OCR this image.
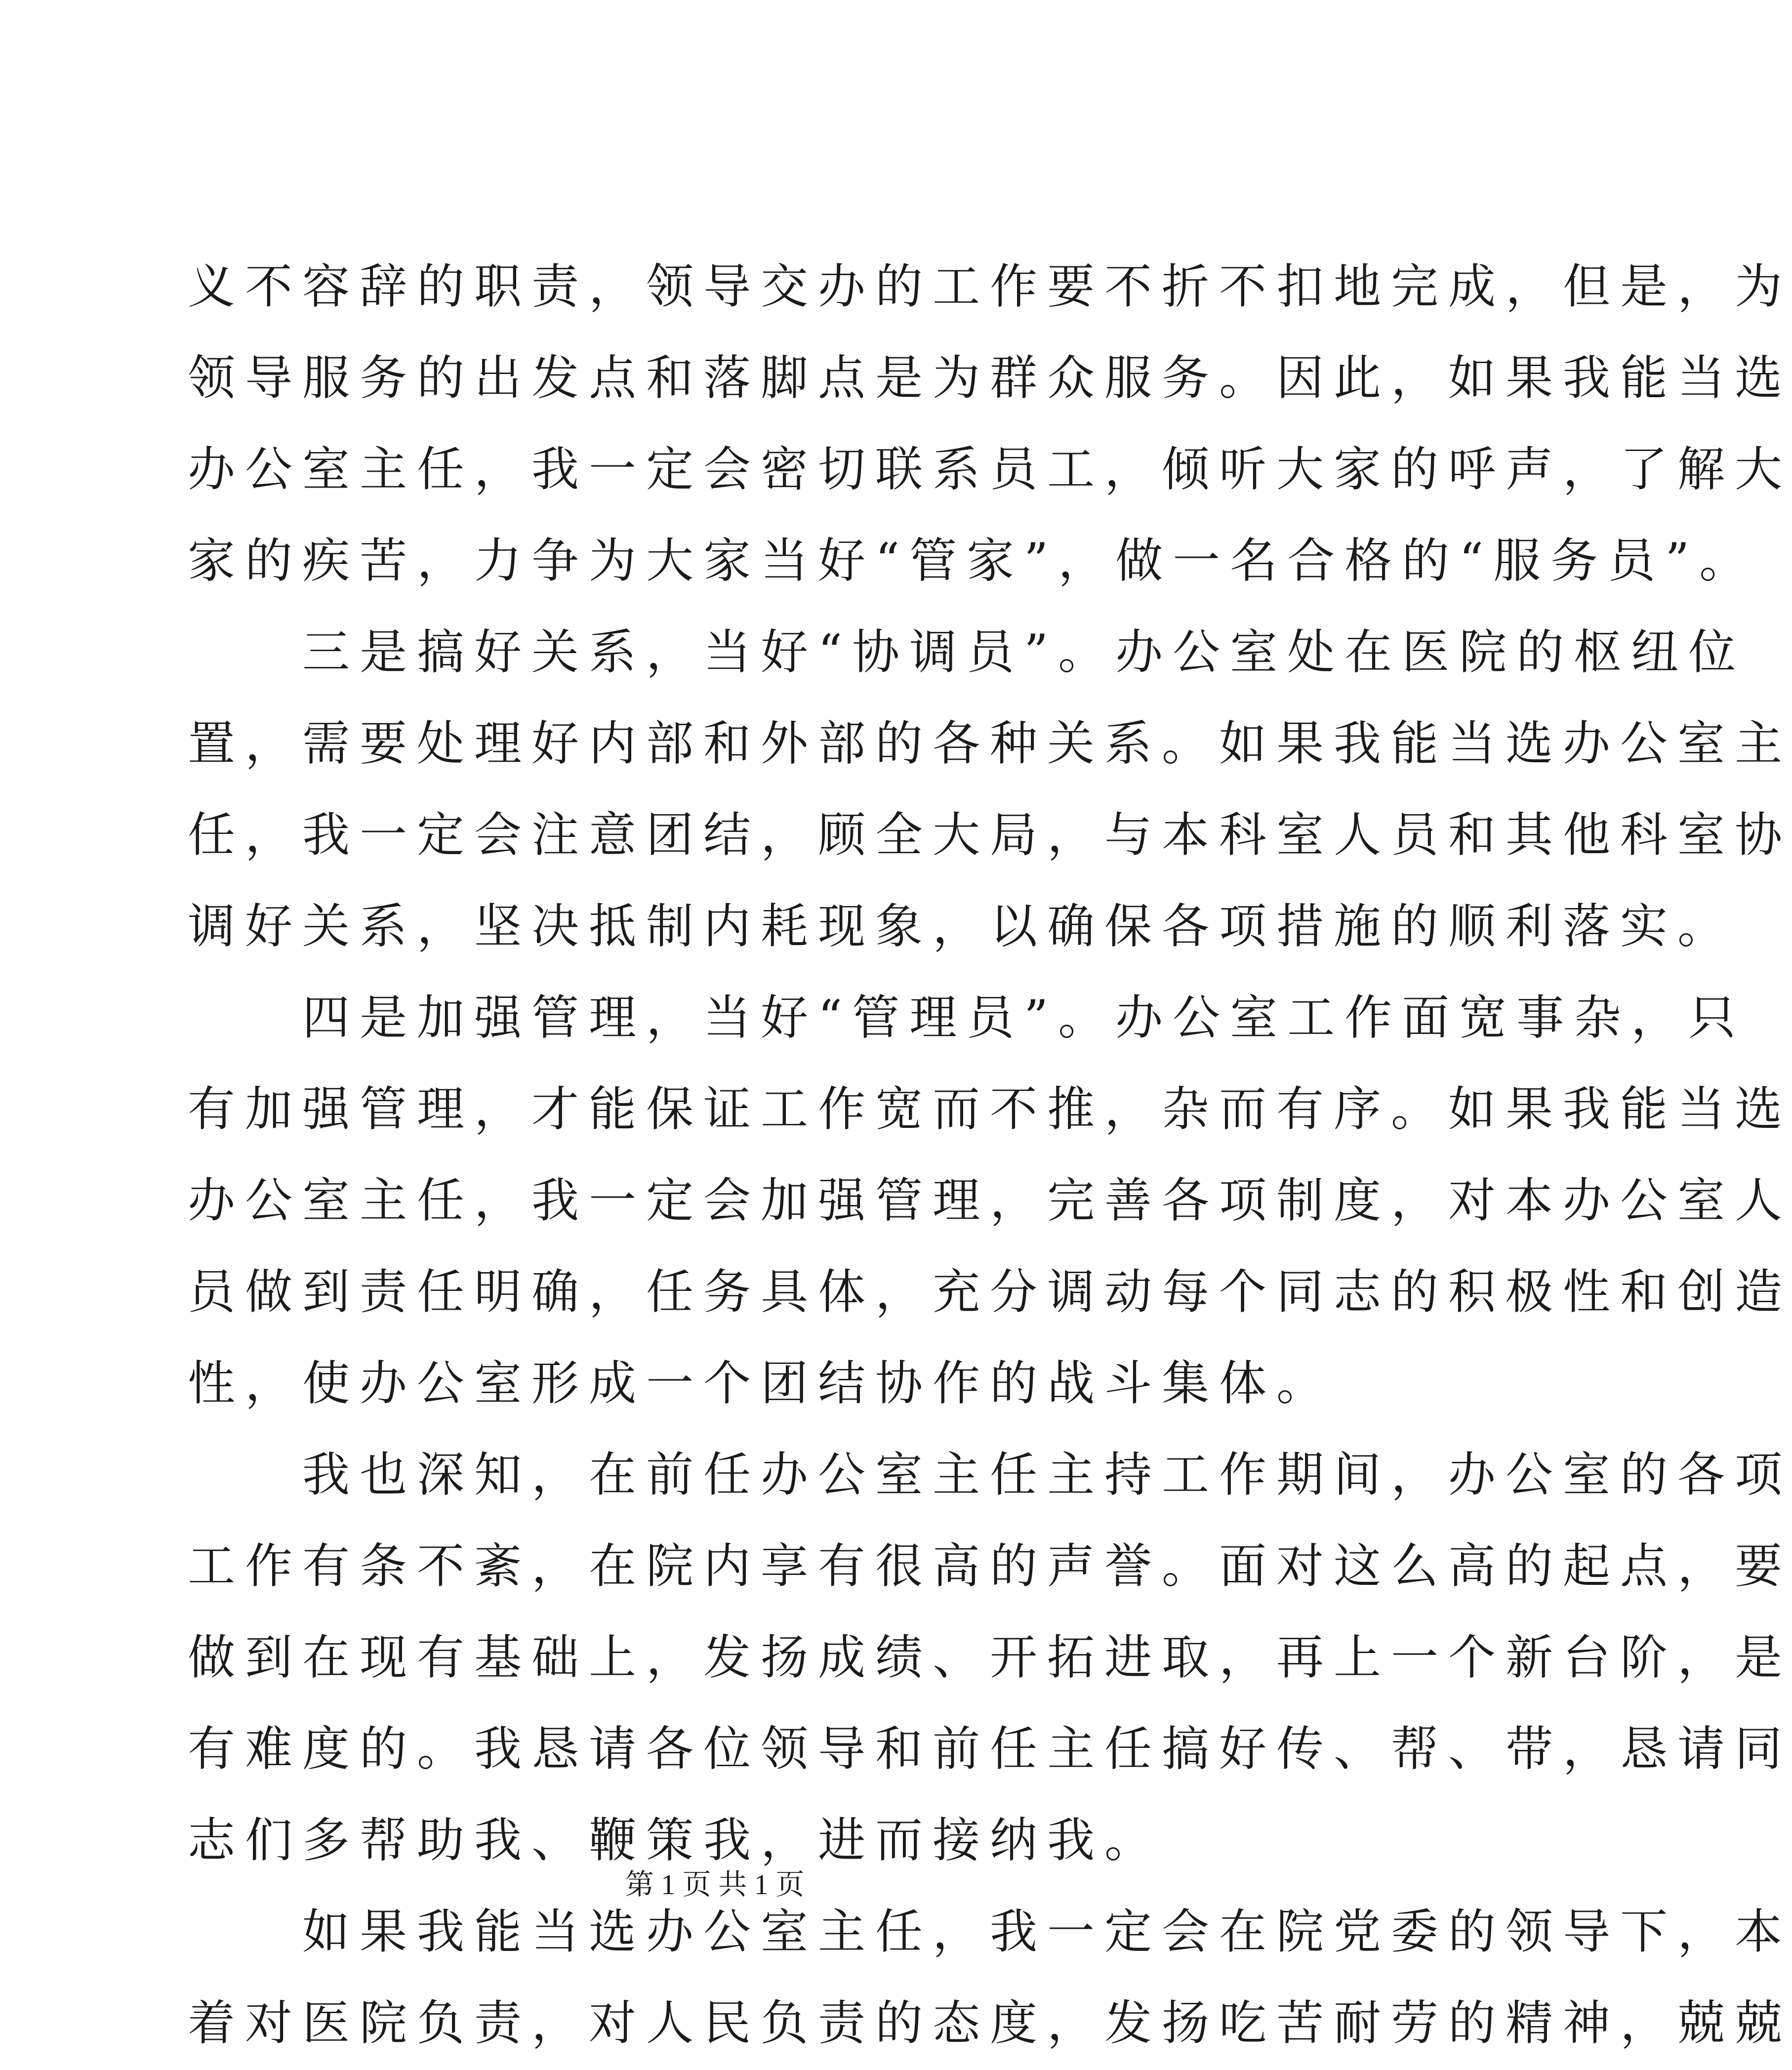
义不容辞的职责，领导交办的工作要不折不扣地完成，但是，为
领导服务的出发点和落脚点是为群众服务。因此，如果我能当选
办公室主任，我一定会密切联系员工，倾听大家的呼声，了解大
家的疾苦，力争为大家当好“管家”，做一名合格的“服务员”。
三是搞好关系，当好“协调员”。办公室处在医院的枢纽位
置，需要处理好内部和外部的各种关系。如果我能当选办公室主
任，我一定会注意团结，顾全大局，与本科室人员和其他科室协
调好关系，坚决抵制内耗现象，以确保各项措施的顺利落实。
四是加强管理，当好“管理员”。办公室工作面宽事杂，只
有加强管理，才能保证工作宽而不推，杂而有序。如果我能当选
办公室主任，我一定会加强管理，完善各项制度，对本办公室人
员做到责任明确，任务具体，充分调动每个同志的积极性和创造
性，使办公室形成一个团结协作的战斗集体。
我也深知，在前任办公室主任主持工作期间，办公室的各项
工作有条不紊，在院内享有很高的声誉。面对这么高的起点，要
做到在现有基础上，发扬成绩、开拓进取，再上一个新台阶，是
有难度的。我恳请各位领导和前任主任搞好传、帮、带，恳请同
志们多帮助我、鞭策我，进而接纳我。
如果我能当选办公室主任，我一定会在院党委的领导下，本
着对医院负责，对人民负责的态度，发扬吃苦耐劳的精神，兢兢
第 1 页 共 1 页
